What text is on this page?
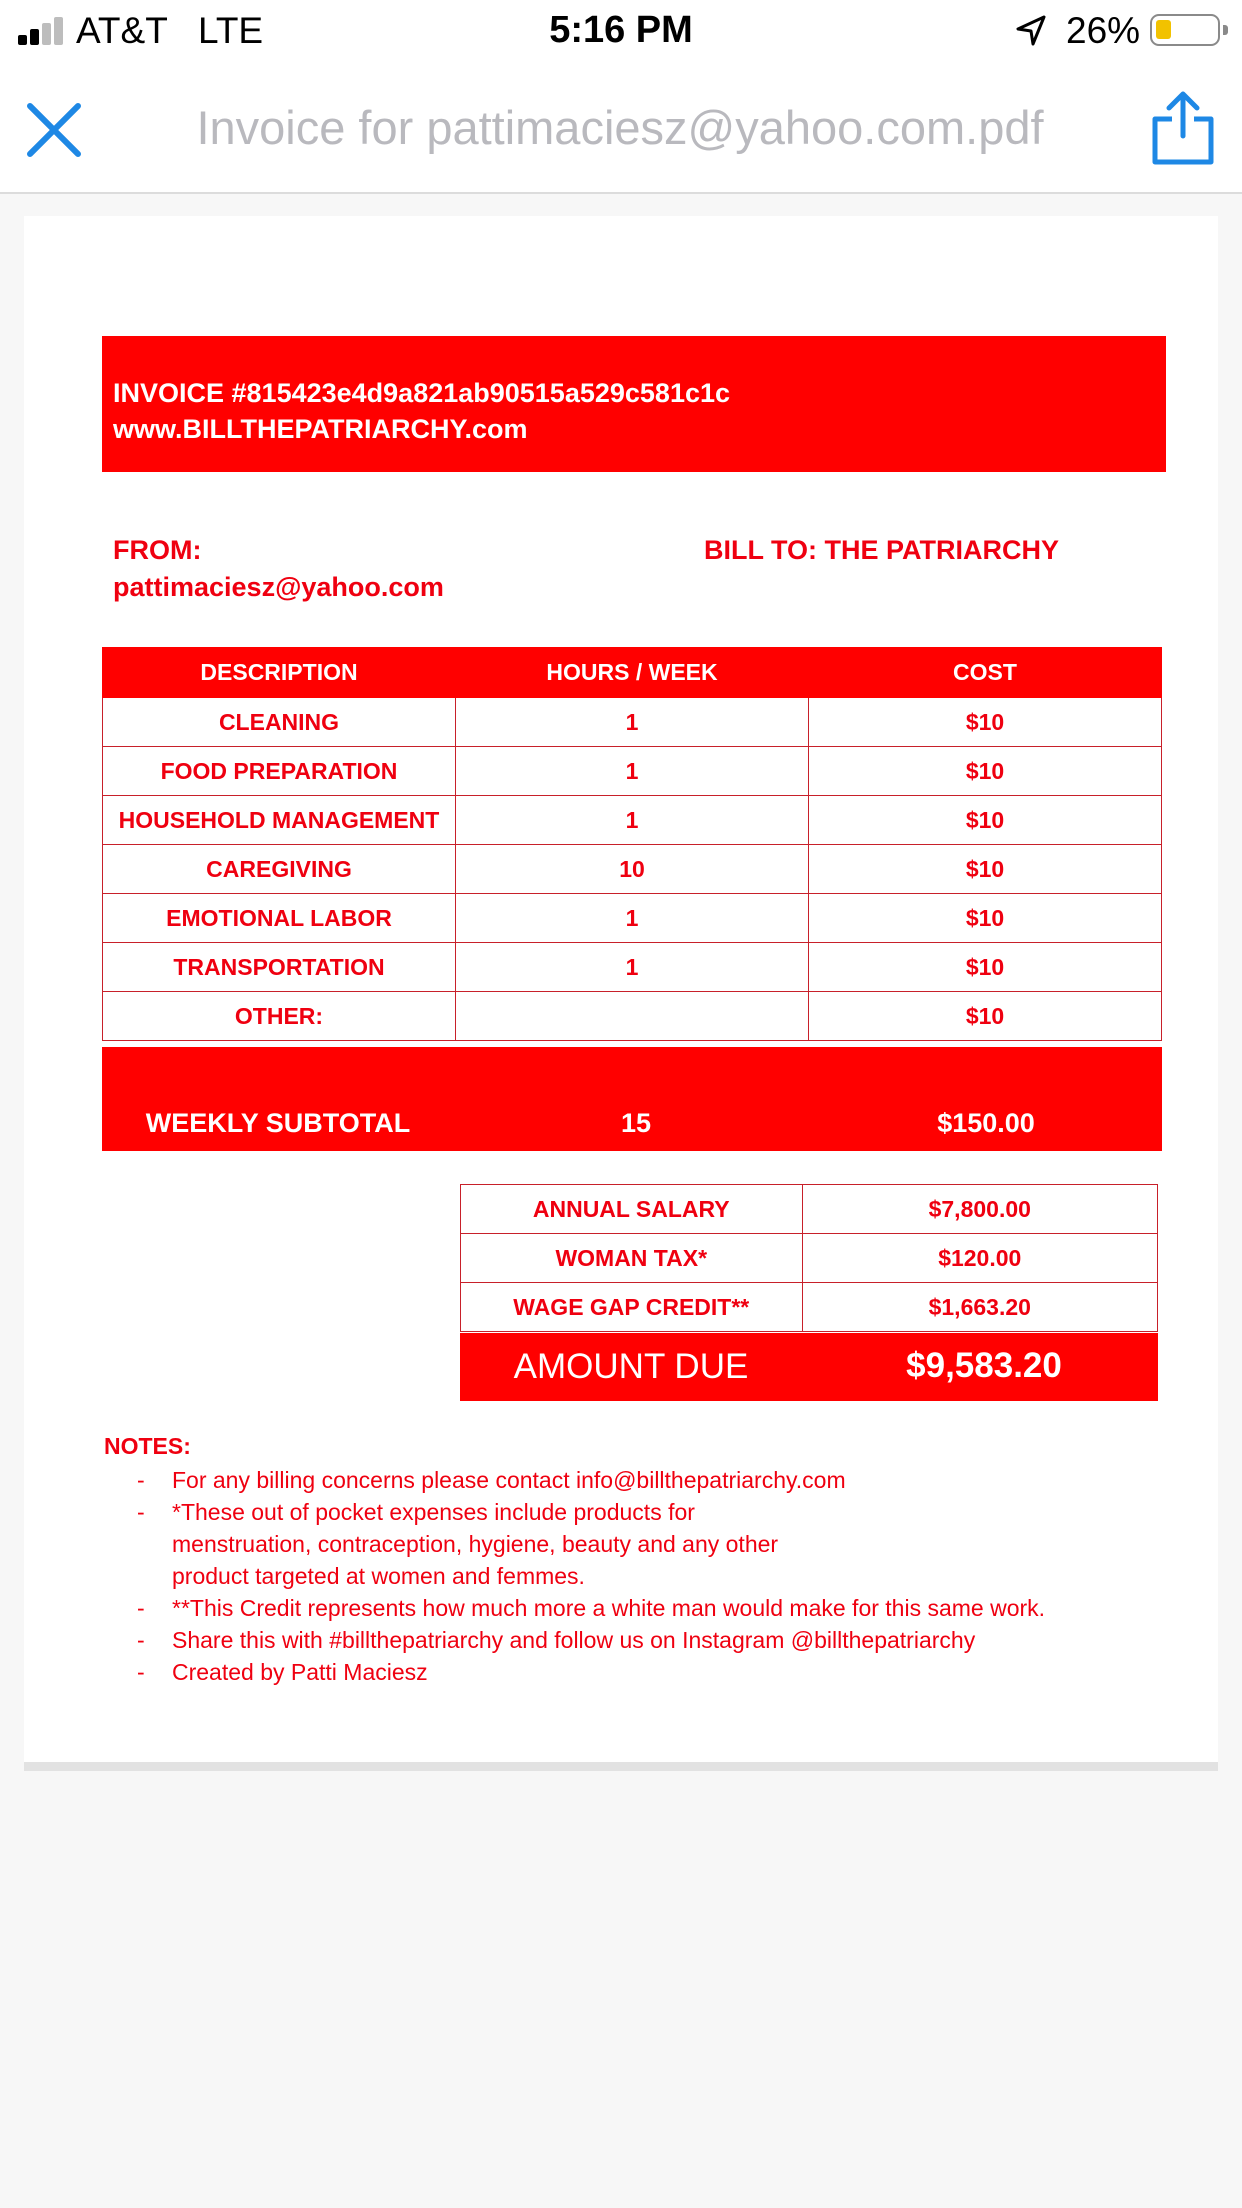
AT&T   LTE	5:16 PM	26%
Invoice for pattimaciesz@yahoo.com.pdf
INVOICE #815423e4d9a821ab90515a529c581c1c
www.BILLTHEPATRIARCHY.com
FROM:
pattimaciesz@yahoo.com
BILL TO: THE PATRIARCHY
DESCRIPTION	HOURS / WEEK	COST
CLEANING	1	$10
FOOD PREPARATION	1	$10
HOUSEHOLD MANAGEMENT	1	$10
CAREGIVING	10	$10
EMOTIONAL LABOR	1	$10
TRANSPORTATION	1	$10
OTHER:		$10
WEEKLY SUBTOTAL	15	$150.00
ANNUAL SALARY	$7,800.00
WOMAN TAX*	$120.00
WAGE GAP CREDIT**	$1,663.20
AMOUNT DUE	$9,583.20
NOTES:
- For any billing concerns please contact info@billthepatriarchy.com
- *These out of pocket expenses include products for menstruation, contraception, hygiene, beauty and any other product targeted at women and femmes.
- **This Credit represents how much more a white man would make for this same work.
- Share this with #billthepatriarchy and follow us on Instagram @billthepatriarchy
- Created by Patti Maciesz
